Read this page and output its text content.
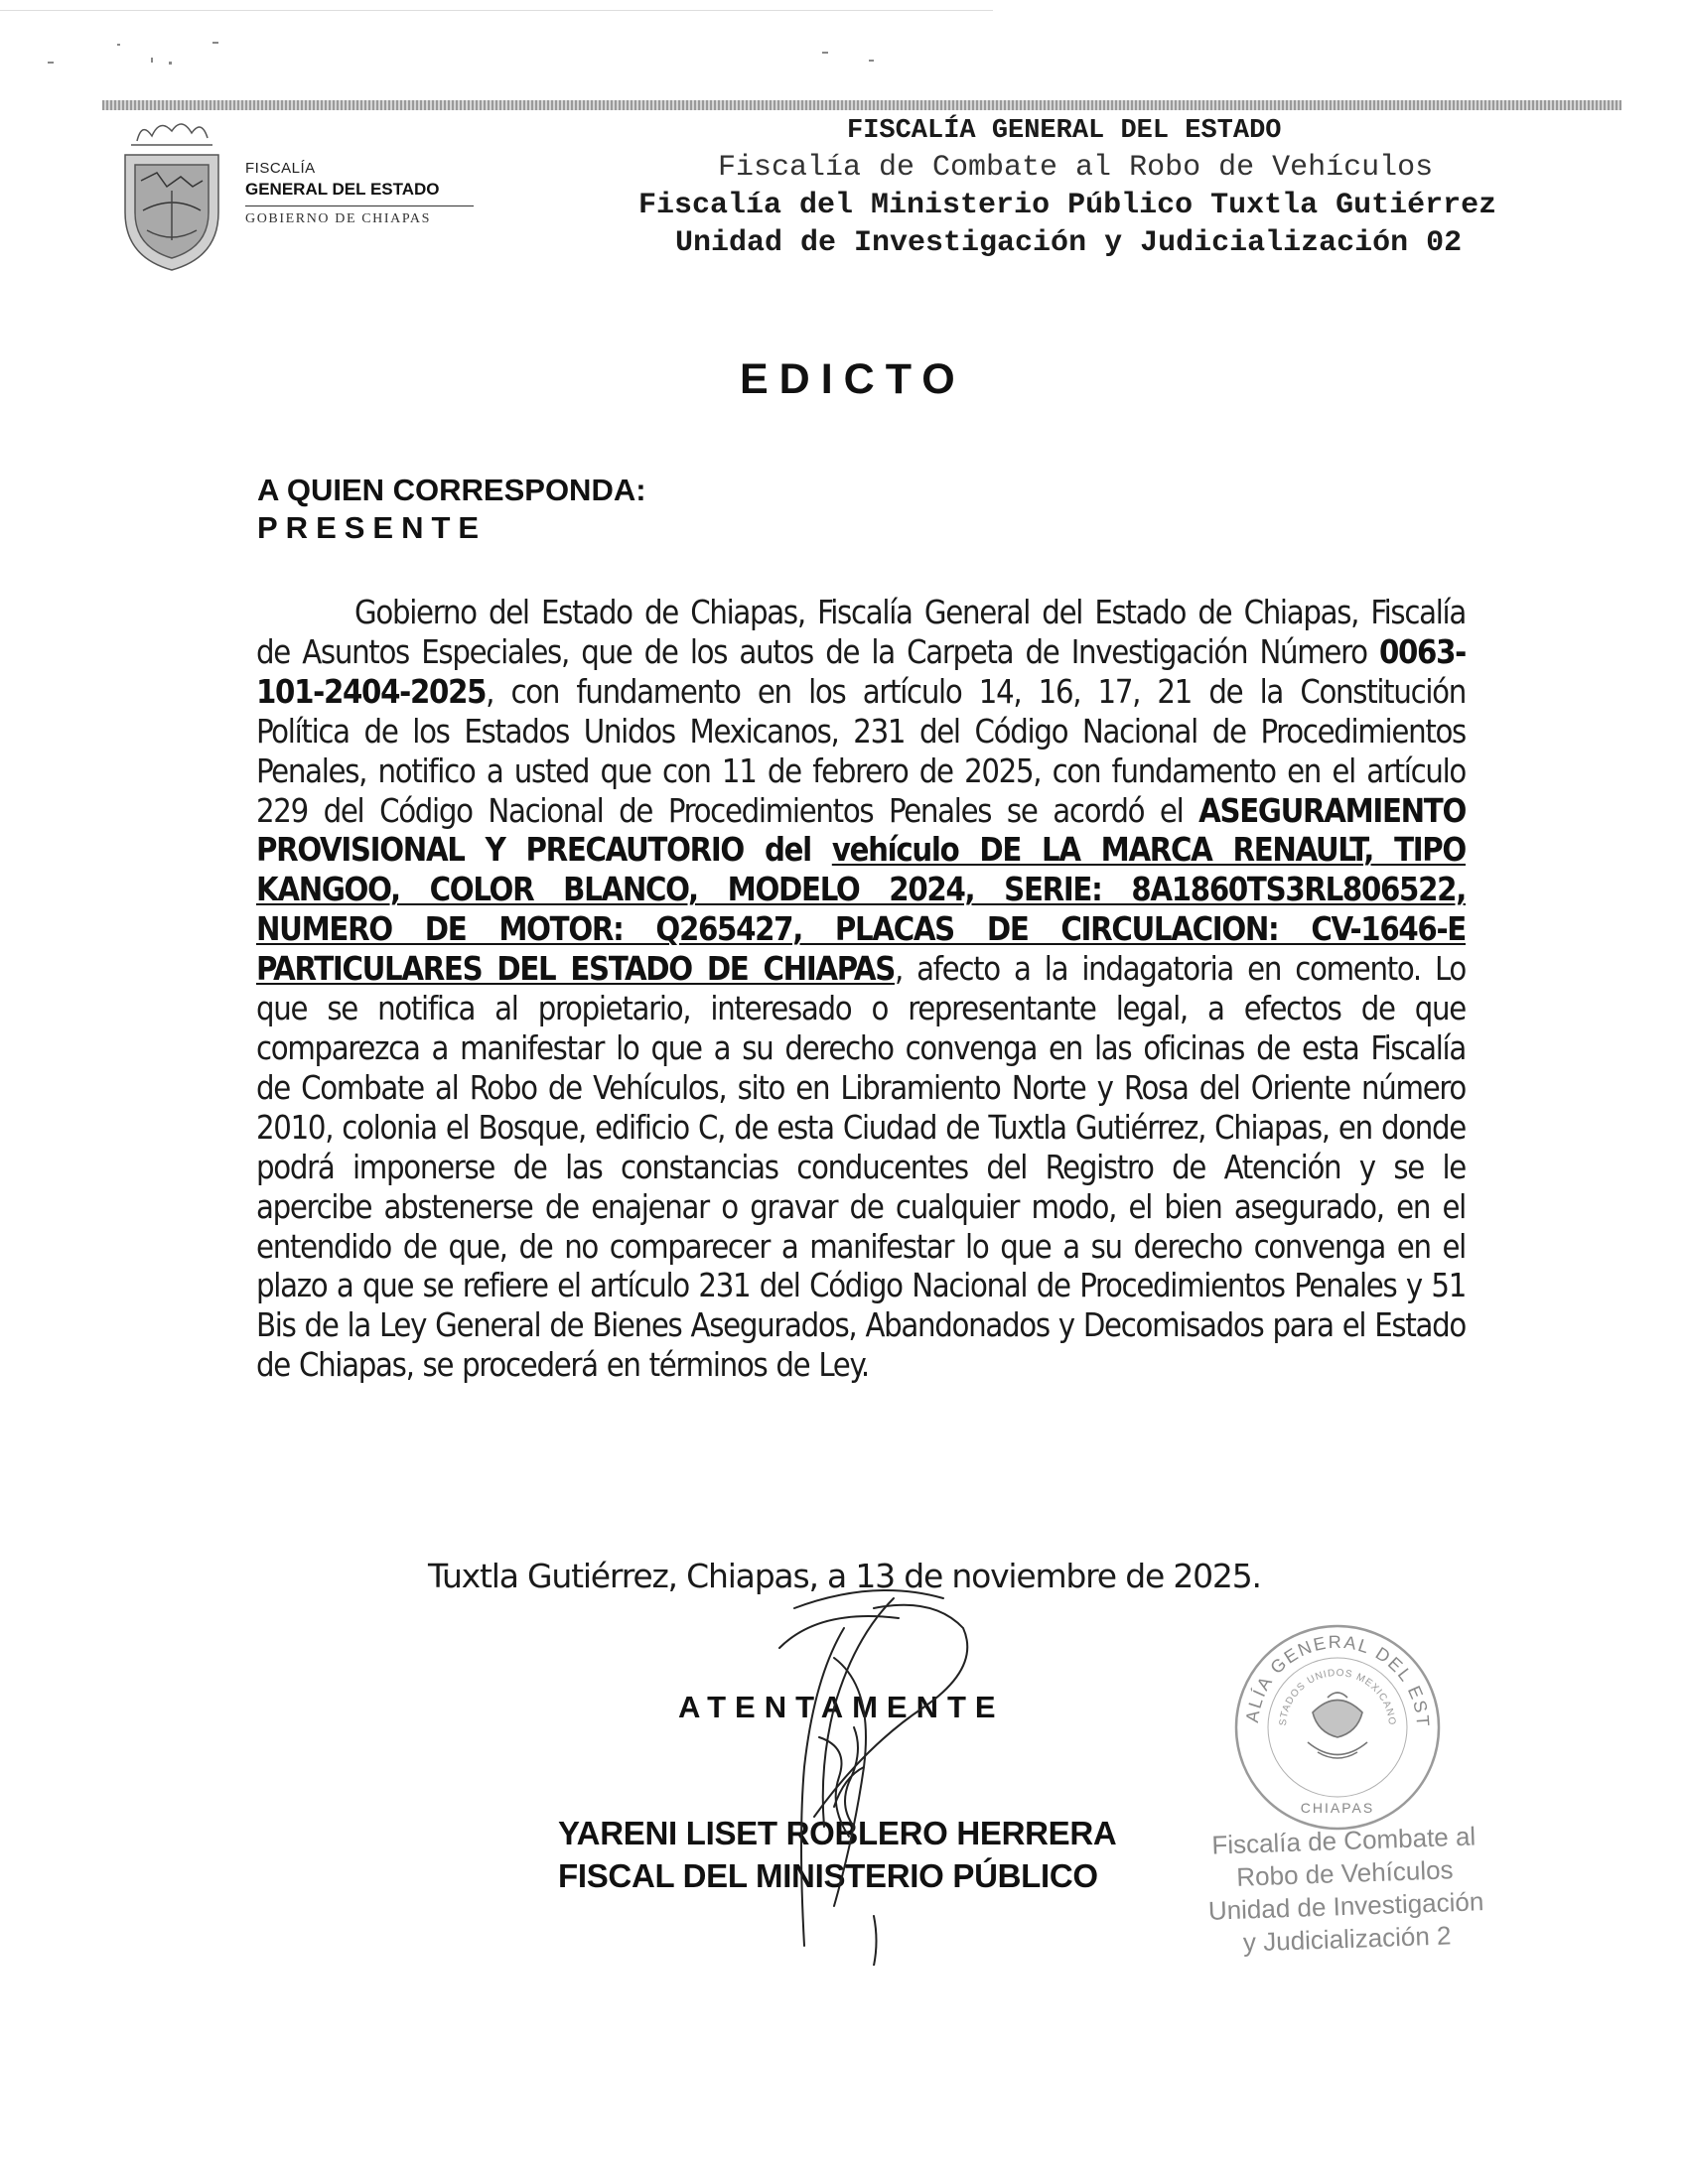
FISCALÍA
GENERAL DEL ESTADO
GOBIERNO DE CHIAPAS
FISCALÍA GENERAL DEL ESTADO
Fiscalía de Combate al Robo de Vehículos
Fiscalía del Ministerio Público Tuxtla Gutiérrez
Unidad de Investigación y Judicialización 02
EDICTO
A QUIEN CORRESPONDA:
PRESENTE
Gobierno del Estado de Chiapas, Fiscalía General del Estado de Chiapas, Fiscalía de Asuntos Especiales, que de los autos de la Carpeta de Investigación Número 0063-101-2404-2025, con fundamento en los artículo 14, 16, 17, 21 de la Constitución Política de los Estados Unidos Mexicanos, 231 del Código Nacional de Procedimientos Penales, notifico a usted que con 11 de febrero de 2025, con fundamento en el artículo 229 del Código Nacional de Procedimientos Penales se acordó el ASEGURAMIENTO PROVISIONAL Y PRECAUTORIO del vehículo DE LA MARCA RENAULT, TIPO KANGOO, COLOR BLANCO, MODELO 2024, SERIE: 8A1860TS3RL806522, NUMERO DE MOTOR: Q265427, PLACAS DE CIRCULACION: CV-1646-E PARTICULARES DEL ESTADO DE CHIAPAS, afecto a la indagatoria en comento. Lo que se notifica al propietario, interesado o representante legal, a efectos de que comparezca a manifestar lo que a su derecho convenga en las oficinas de esta Fiscalía de Combate al Robo de Vehículos, sito en Libramiento Norte y Rosa del Oriente número 2010, colonia el Bosque, edificio C, de esta Ciudad de Tuxtla Gutiérrez, Chiapas, en donde podrá imponerse de las constancias conducentes del Registro de Atención y se le apercibe abstenerse de enajenar o gravar de cualquier modo, el bien asegurado, en el entendido de que, de no comparecer a manifestar lo que a su derecho convenga en el plazo a que se refiere el artículo 231 del Código Nacional de Procedimientos Penales y 51 Bis de la Ley General de Bienes Asegurados, Abandonados y Decomisados para el Estado de Chiapas, se procederá en términos de Ley.
Tuxtla Gutiérrez, Chiapas, a 13 de noviembre de 2025.
ATENTAMENTE
YARENI LISET ROBLERO HERRERA
FISCAL DEL MINISTERIO PÚBLICO
ALÍA GENERAL DEL EST
STADOS UNIDOS MEXICANO
CHIAPAS
Fiscalía de Combate al
Robo de Vehículos
Unidad de Investigación
y Judicialización 2
